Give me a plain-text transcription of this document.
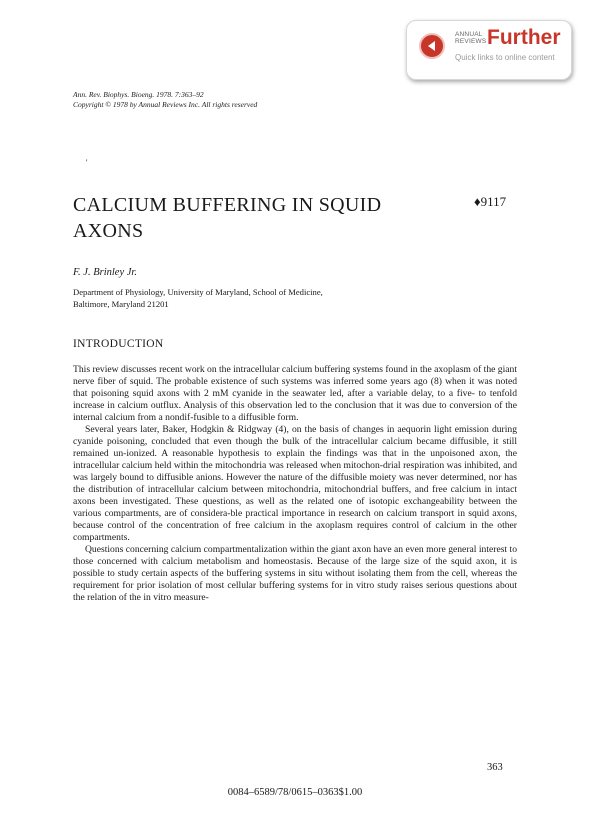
ANNUAL
REVIEWS Further
Quick links to online content
Ann. Rev. Biophys. Bioeng. 1978. 7:363–92
Copyright © 1978 by Annual Reviews Inc. All rights reserved
'
CALCIUM BUFFERING IN SQUID
AXONS
♦9117
F. J. Brinley Jr.
Department of Physiology, University of Maryland, School of Medicine,
Baltimore, Maryland 21201
INTRODUCTION

This review discusses recent work on the intracellular calcium buffering systems found in the axoplasm of the giant nerve fiber of squid. The probable existence of such systems was inferred some years ago (8) when it was noted that poisoning squid axons with 2 mM cyanide in the seawater led, after a variable delay, to a five- to tenfold increase in calcium outflux. Analysis of this observation led to the conclusion that it was due to conversion of the internal calcium from a nondif-fusible to a diffusible form.

Several years later, Baker, Hodgkin & Ridgway (4), on the basis of changes in aequorin light emission during cyanide poisoning, concluded that even though the bulk of the intracellular calcium became diffusible, it still remained un-ionized. A reasonable hypothesis to explain the findings was that in the unpoisoned axon, the intracellular calcium held within the mitochondria was released when mitochon-drial respiration was inhibited, and was largely bound to diffusible anions. However the nature of the diffusible moiety was never determined, nor has the distribution of intracellular calcium between mitochondria, mitochondrial buffers, and free calcium in intact axons been investigated. These questions, as well as the related one of isotopic exchangeability between the various compartments, are of considera-ble practical importance in research on calcium transport in squid axons, because control of the concentration of free calcium in the axoplasm requires control of calcium in the other compartments.

Questions concerning calcium compartmentalization within the giant axon have an even more general interest to those concerned with calcium metabolism and homeostasis. Because of the large size of the squid axon, it is possible to study certain aspects of the buffering systems in situ without isolating them from the cell, whereas the requirement for prior isolation of most cellular buffering systems for in vitro study raises serious questions about the relation of the in vitro measure-

363
0084–6589/78/0615–0363$1.00
